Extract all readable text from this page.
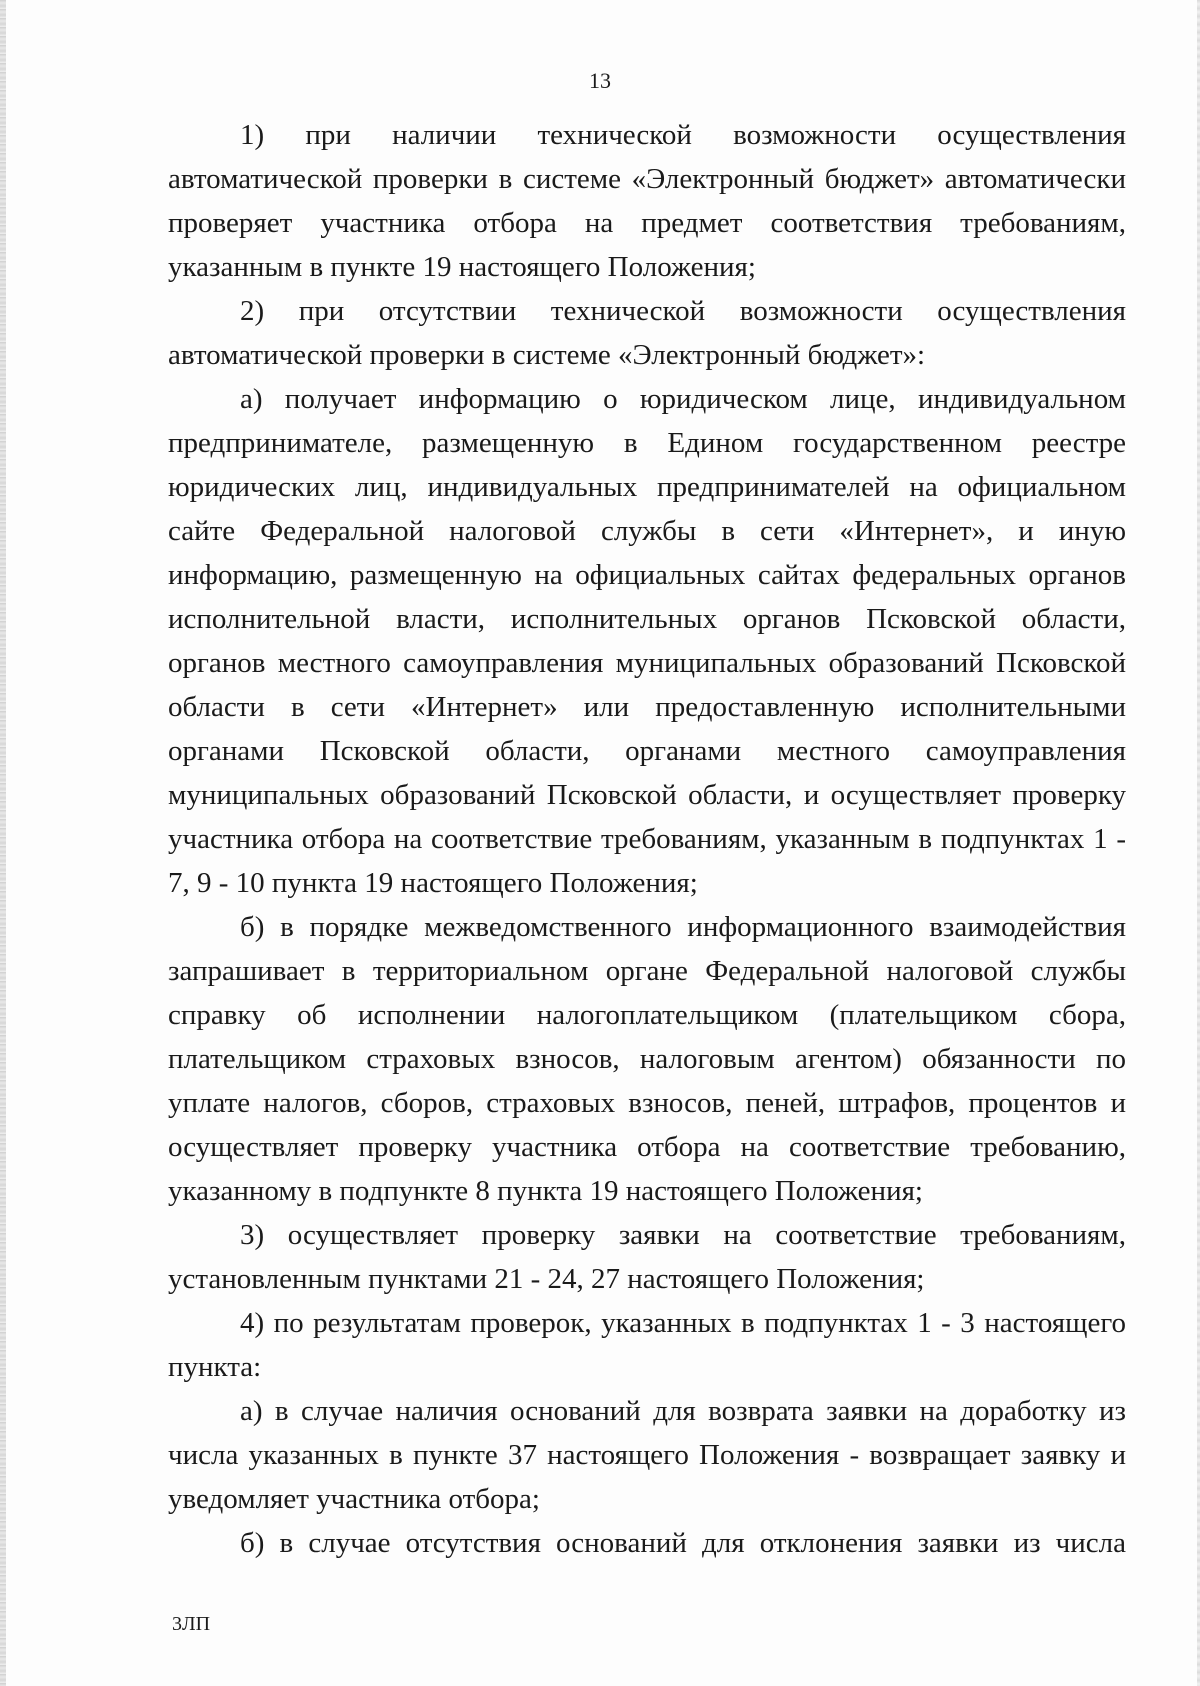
13

1) при наличии технической возможности осуществления автоматической проверки в системе «Электронный бюджет» автоматически проверяет участника отбора на предмет соответствия требованиям, указанным в пункте 19 настоящего Положения;

2) при отсутствии технической возможности осуществления автоматической проверки в системе «Электронный бюджет»:

а) получает информацию о юридическом лице, индивидуальном предпринимателе, размещенную в Едином государственном реестре юридических лиц, индивидуальных предпринимателей на официальном сайте Федеральной налоговой службы в сети «Интернет», и иную информацию, размещенную на официальных сайтах федеральных органов исполнительной власти, исполнительных органов Псковской области, органов местного самоуправления муниципальных образований Псковской области в сети «Интернет» или предоставленную исполнительными органами Псковской области, органами местного самоуправления муниципальных образований Псковской области, и осуществляет проверку участника отбора на соответствие требованиям, указанным в подпунктах 1 - 7, 9 - 10 пункта 19 настоящего Положения;

б) в порядке межведомственного информационного взаимодействия запрашивает в территориальном органе Федеральной налоговой службы справку об исполнении налогоплательщиком (плательщиком сбора, плательщиком страховых взносов, налоговым агентом) обязанности по уплате налогов, сборов, страховых взносов, пеней, штрафов, процентов и осуществляет проверку участника отбора на соответствие требованию, указанному в подпункте 8 пункта 19 настоящего Положения;

3) осуществляет проверку заявки на соответствие требованиям, установленным пунктами 21 - 24, 27 настоящего Положения;

4) по результатам проверок, указанных в подпунктах 1 - 3 настоящего пункта:

а) в случае наличия оснований для возврата заявки на доработку из числа указанных в пункте 37 настоящего Положения - возвращает заявку и уведомляет участника отбора;

б) в случае отсутствия оснований для отклонения заявки из числа

3ЛП
